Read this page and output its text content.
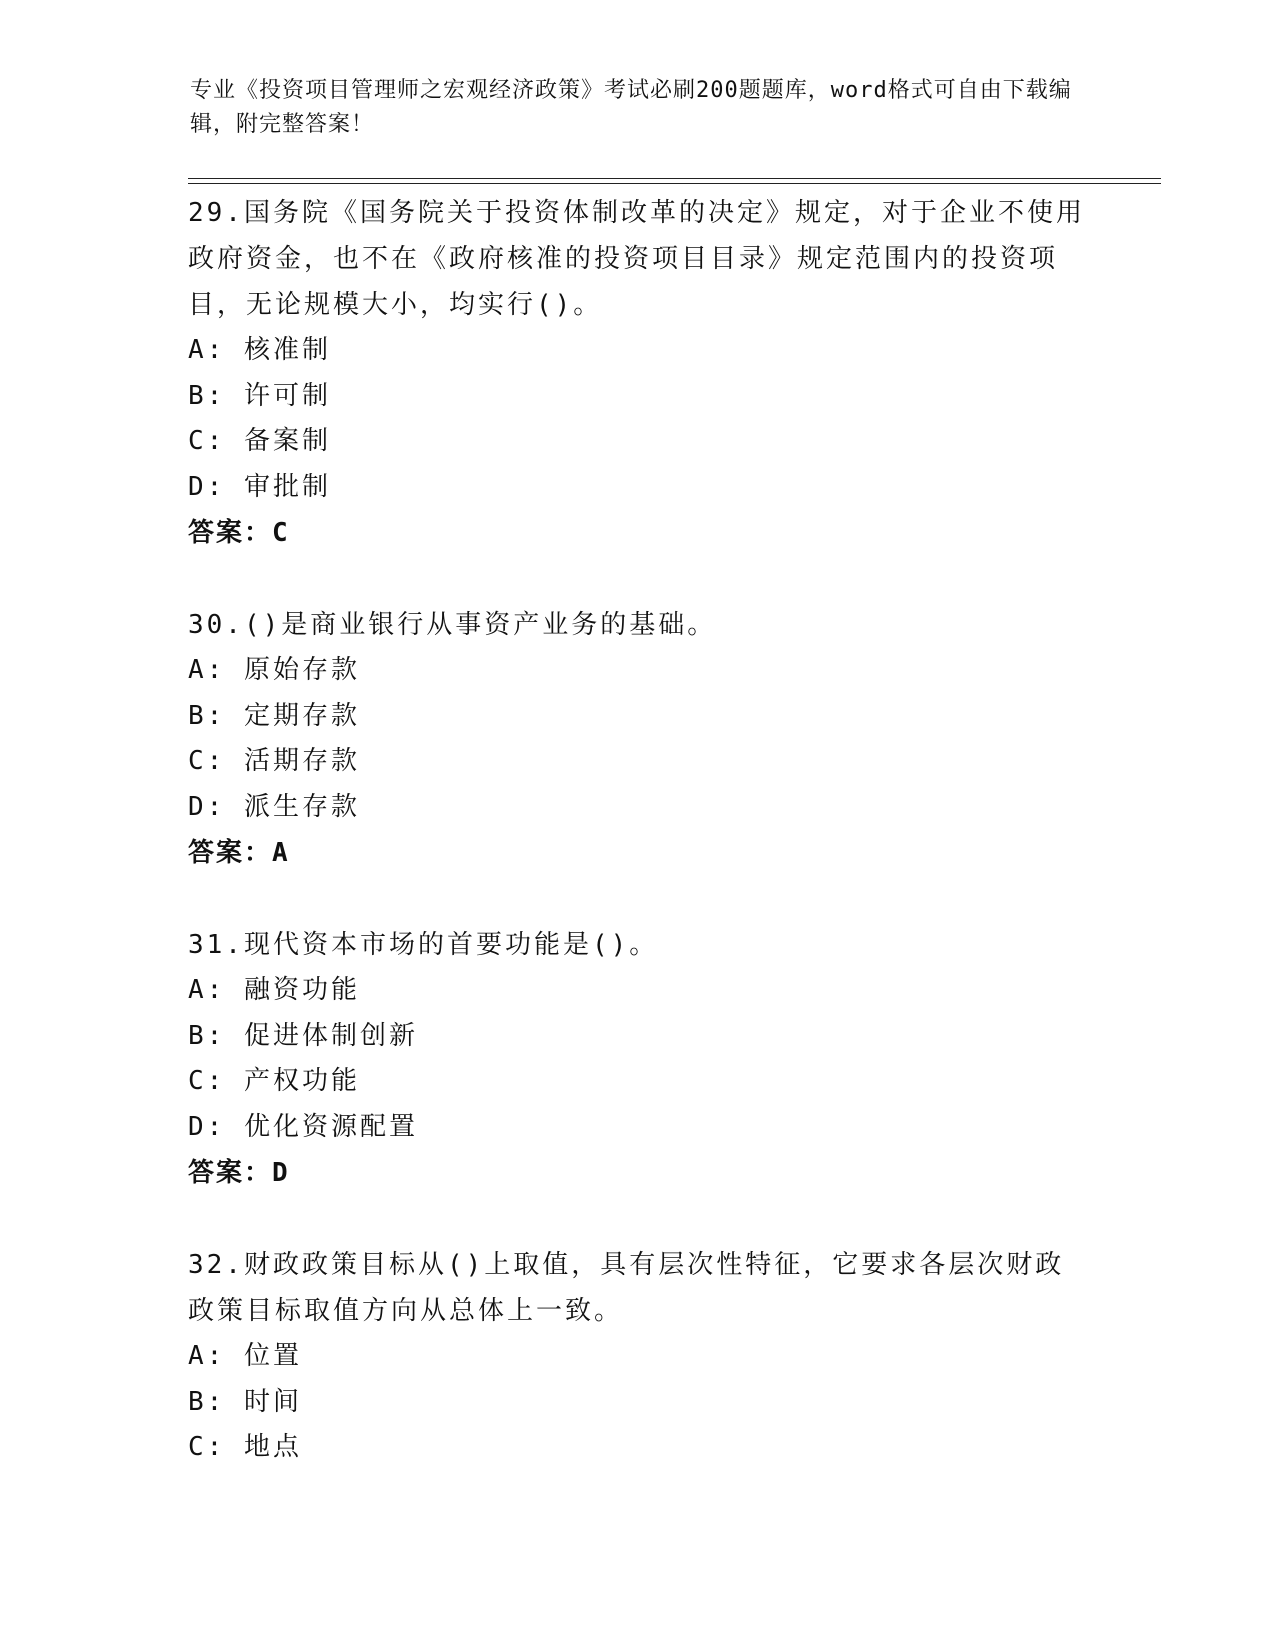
专业《投资项目管理师之宏观经济政策》考试必刷200题题库，word格式可自由下载编辑，附完整答案！
29.国务院《国务院关于投资体制改革的决定》规定，对于企业不使用政府资金，也不在《政府核准的投资项目目录》规定范围内的投资项目，无论规模大小，均实行()。
A: 核准制
B: 许可制
C: 备案制
D: 审批制
答案：C
30.()是商业银行从事资产业务的基础。
A: 原始存款
B: 定期存款
C: 活期存款
D: 派生存款
答案：A
31.现代资本市场的首要功能是()。
A: 融资功能
B: 促进体制创新
C: 产权功能
D: 优化资源配置
答案：D
32.财政政策目标从()上取值，具有层次性特征，它要求各层次财政政策目标取值方向从总体上一致。
A: 位置
B: 时间
C: 地点
